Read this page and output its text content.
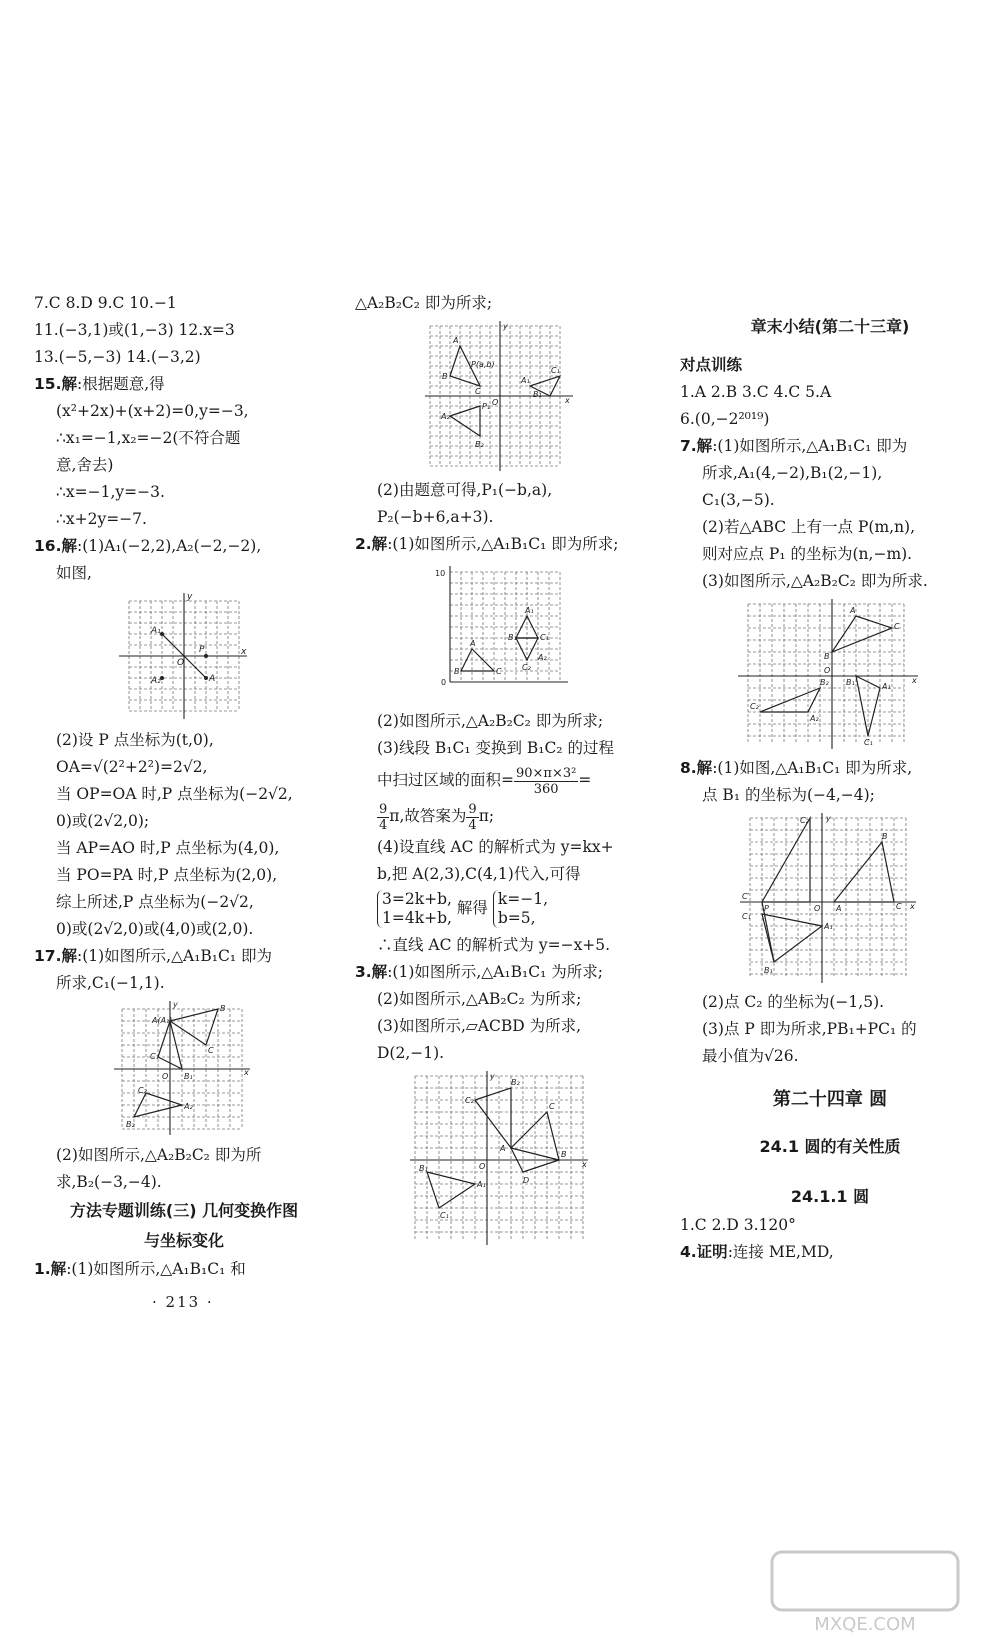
7.C 8.D 9.C 10.−1
11.(−3,1)或(1,−3) 12.x=3
13.(−5,−3) 14.(−3,2)
15.解:根据题意,得
(x²+2x)+(x+2)=0,y=−3,
∴x₁=−1,x₂=−2(不符合题
意,舍去)
∴x=−1,y=−3.
∴x+2y=−7.
16.解:(1)A₁(−2,2),A₂(−2,−2),
如图,
A₁
A₂	A
P
O
x
y
(2)设 P 点坐标为(t,0),
OA=√(2²+2²)=2√2,
当 OP=OA 时,P 点坐标为(−2√2,
0)或(2√2,0);
当 AP=AO 时,P 点坐标为(4,0),
当 PO=PA 时,P 点坐标为(2,0),
综上所述,P 点坐标为(−2√2,
0)或(2√2,0)或(4,0)或(2,0).
17.解:(1)如图所示,△A₁B₁C₁ 即为
所求,C₁(−1,1).
A(A₁)
B
C
C₁
B₁
O
C₂
A₂
B₂
x
y
(2)如图所示,△A₂B₂C₂ 即为所
求,B₂(−3,−4).
方法专题训练(三) 几何变换作图
与坐标变化
1.解:(1)如图所示,△A₁B₁C₁ 和
· 213 ·
△A₂B₂C₂ 即为所求;
A
B
C
P(a,b)
C₁
B₁
A₁
P₁
A₂
B₂
O	x
y
(2)由题意可得,P₁(−b,a),
P₂(−b+6,a+3).
2.解:(1)如图所示,△A₁B₁C₁ 即为所求;
10
0
A
B	C
A₁
B₁	C₁
A₂
C₂
(2)如图所示,△A₂B₂C₂ 即为所求;
(3)线段 B₁C₁ 变换到 B₁C₂ 的过程
中扫过区域的面积= $\frac{\text{90×π×3²}}{360}$ =
$\frac{9}{4} \pi$,故答案为 $\frac{9}{4} \pi$;
(4)设直线 AC 的解析式为 y=kx+
b,把 A(2,3),C(4,1)代入,可得
3=2k+b,
1=4k+b, 解得 k=−1,
b=5,
∴直线 AC 的解析式为 y=−x+5.
3.解:(1)如图所示,△A₁B₁C₁ 为所求;
(2)如图所示,△AB₂C₂ 为所求;
(3)如图所示,▱ACBD 为所求,
D(2,−1).
A
B
C
D
C₂
B₂
B₁
A₁
C₁
O	x
y
章末小结(第二十三章)
对点训练
1.A 2.B 3.C 4.C 5.A
6.(0,−2²⁰¹⁹)
7.解:(1)如图所示,△A₁B₁C₁ 即为
所求,A₁(4,−2),B₁(2,−1),
C₁(3,−5).
(2)若△ABC 上有一点 P(m,n),
则对应点 P₁ 的坐标为(n,−m).
(3)如图所示,△A₂B₂C₂ 即为所求.
A
B
C
B₁	A₁
C₁
B₂
C₂
A₂
O
x
8.解:(1)如图,△A₁B₁C₁ 即为所求,
点 B₁ 的坐标为(−4,−4);
C₂
B
A	C
C′
P	O
C₁
A₁
B₁
x
y
(2)点 C₂ 的坐标为(−1,5).
(3)点 P 即为所求,PB₁+PC₁ 的
最小值为√26.
第二十四章 圆
24.1 圆的有关性质
24.1.1 圆
1.C 2.D 3.120°
4.证明:连接 ME,MD,
MXQE.COM
